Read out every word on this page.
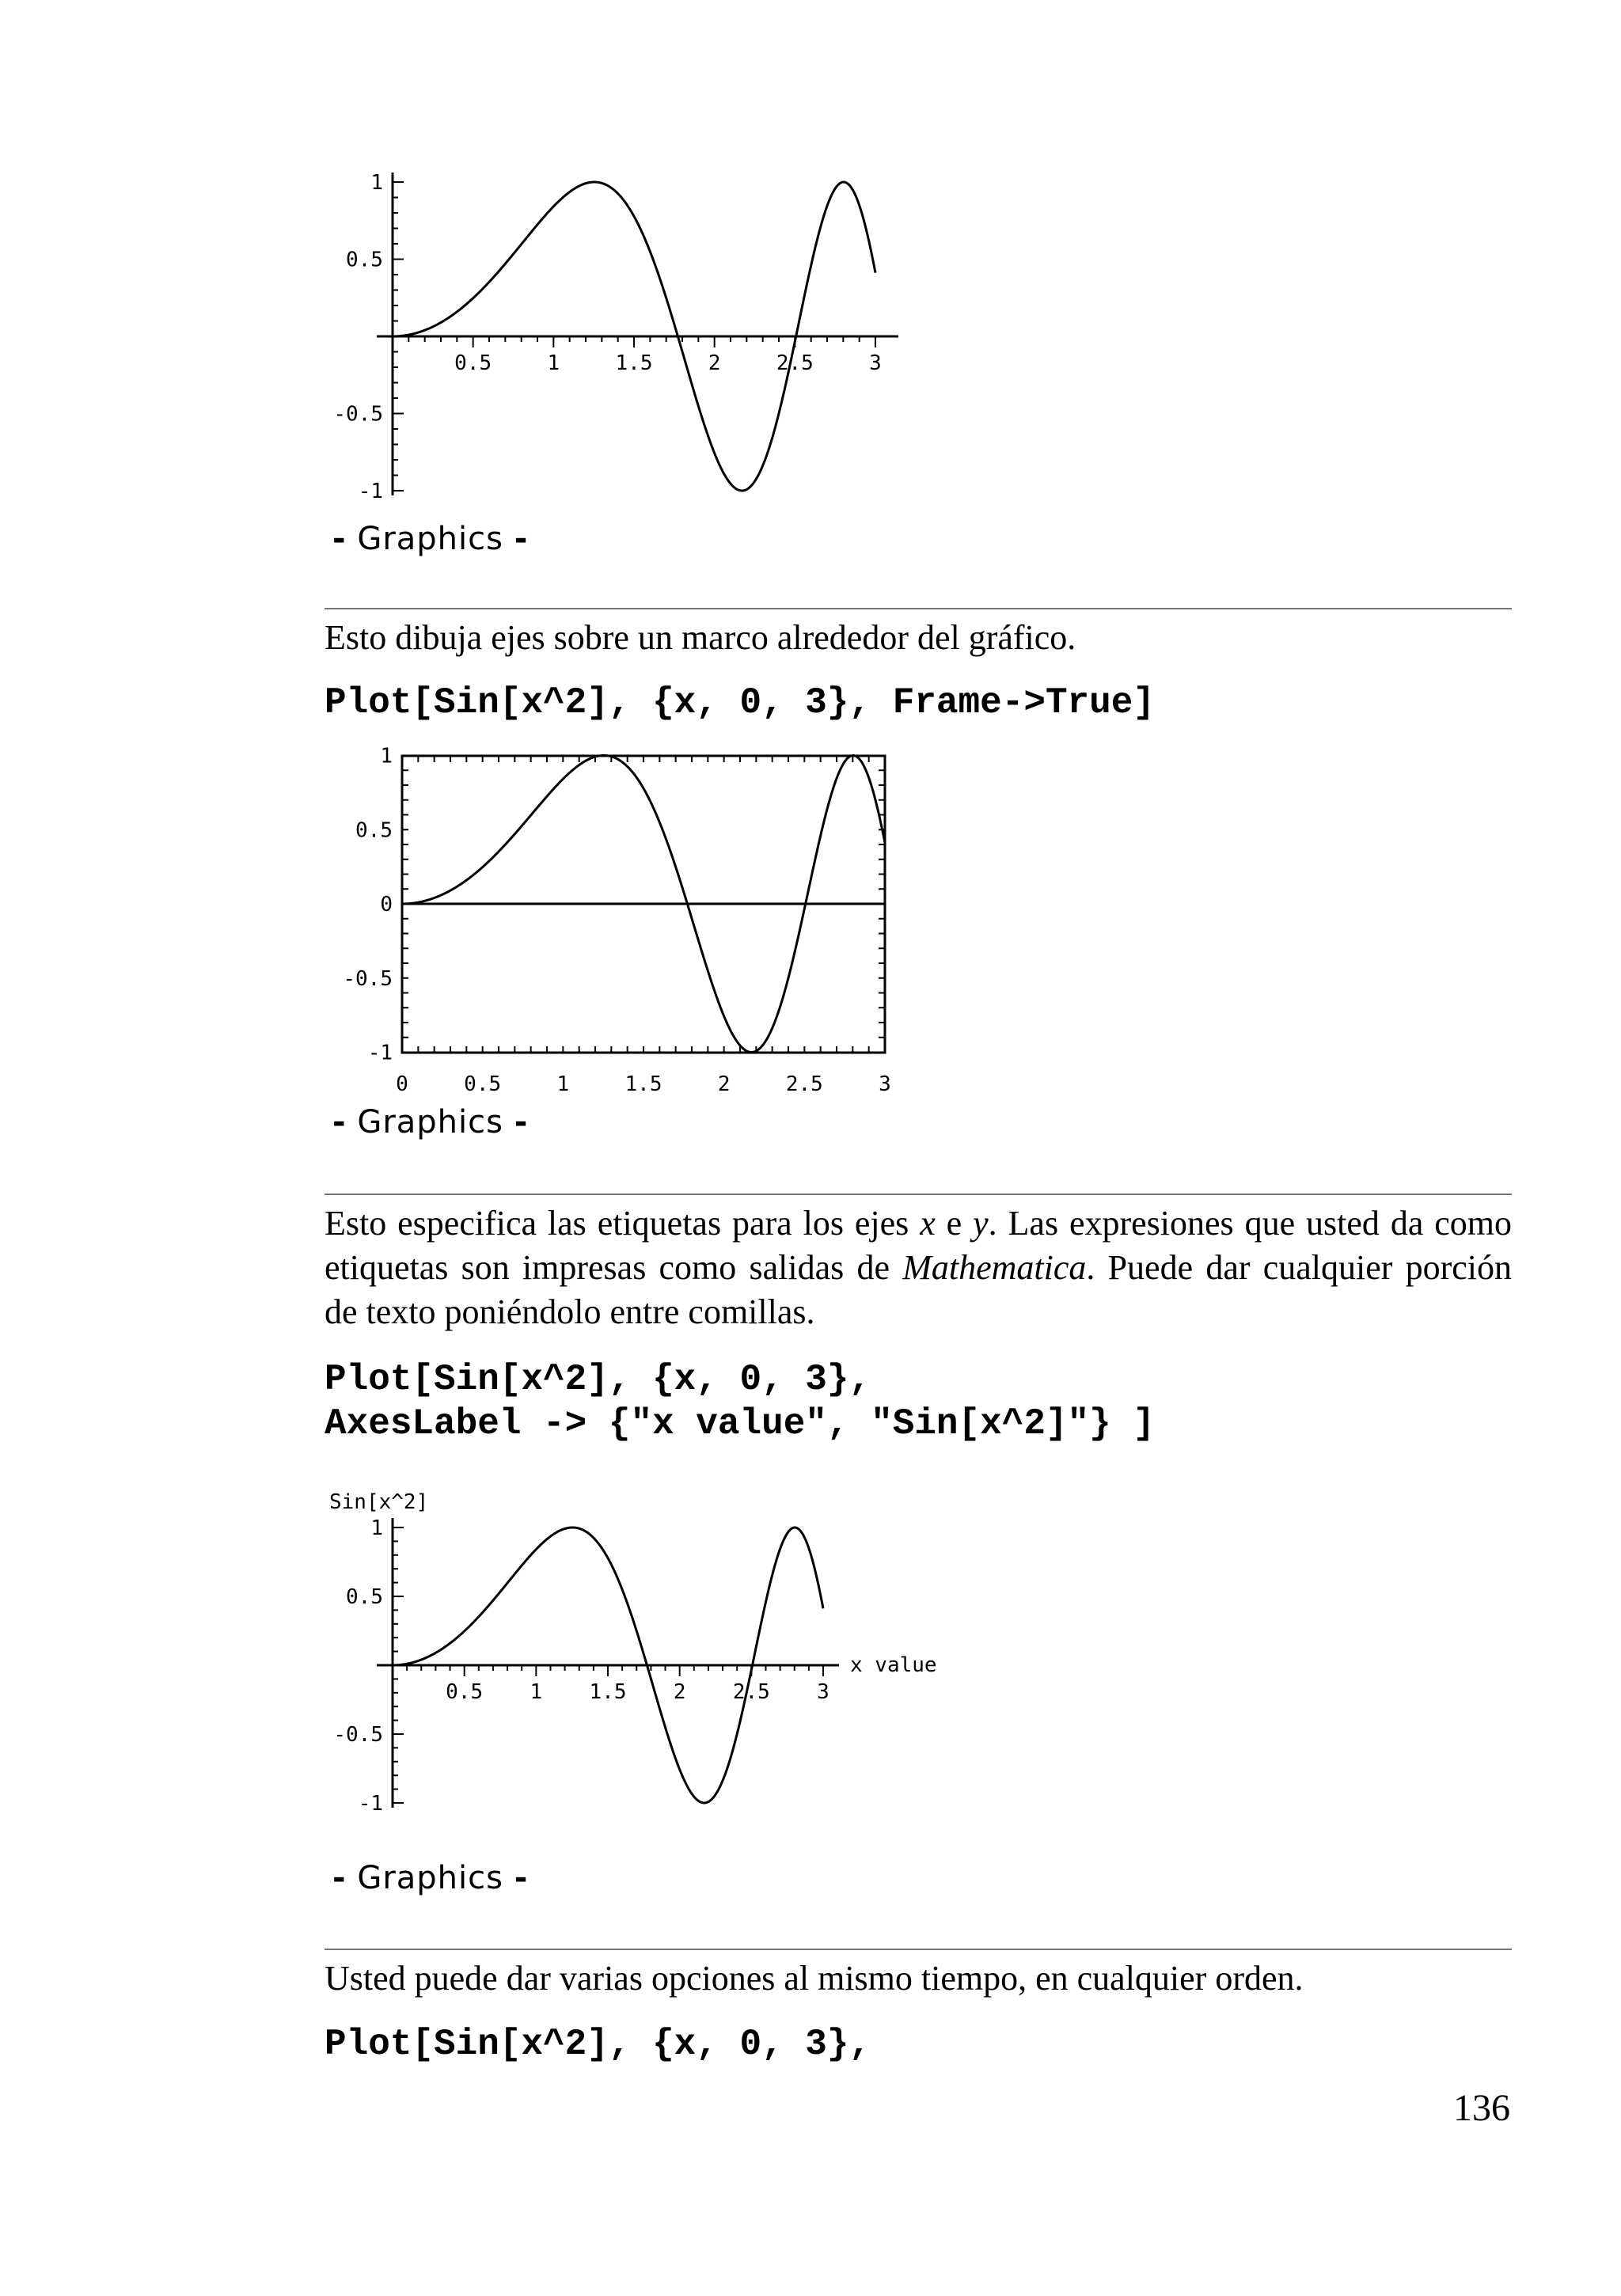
0.5	1	1.5	2	2.5	3
1
0.5
-0.5
-1
- Graphics -
Esto dibuja ejes sobre un marco alrededor del gráfico.
Plot[Sin[x^2], {x, 0, 3}, Frame->True]
0	0.5	1	1.5	2	2.5	3
1
0.5
0
-0.5
-1
- Graphics -
Esto especifica las etiquetas para los ejes x e y. Las expresiones que usted da como etiquetas son impresas como salidas de Mathematica. Puede dar cualquier porción de texto poniéndolo entre comillas.
Plot[Sin[x^2], {x, 0, 3},
AxesLabel -> {"x value", "Sin[x^2]"} ]
0.5 1 1.5 2 2.5 3
1
0.5
-0.5
-1
x value
Sin[x^2]
- Graphics -
Usted puede dar varias opciones al mismo tiempo, en cualquier orden.
Plot[Sin[x^2], {x, 0, 3},
136
